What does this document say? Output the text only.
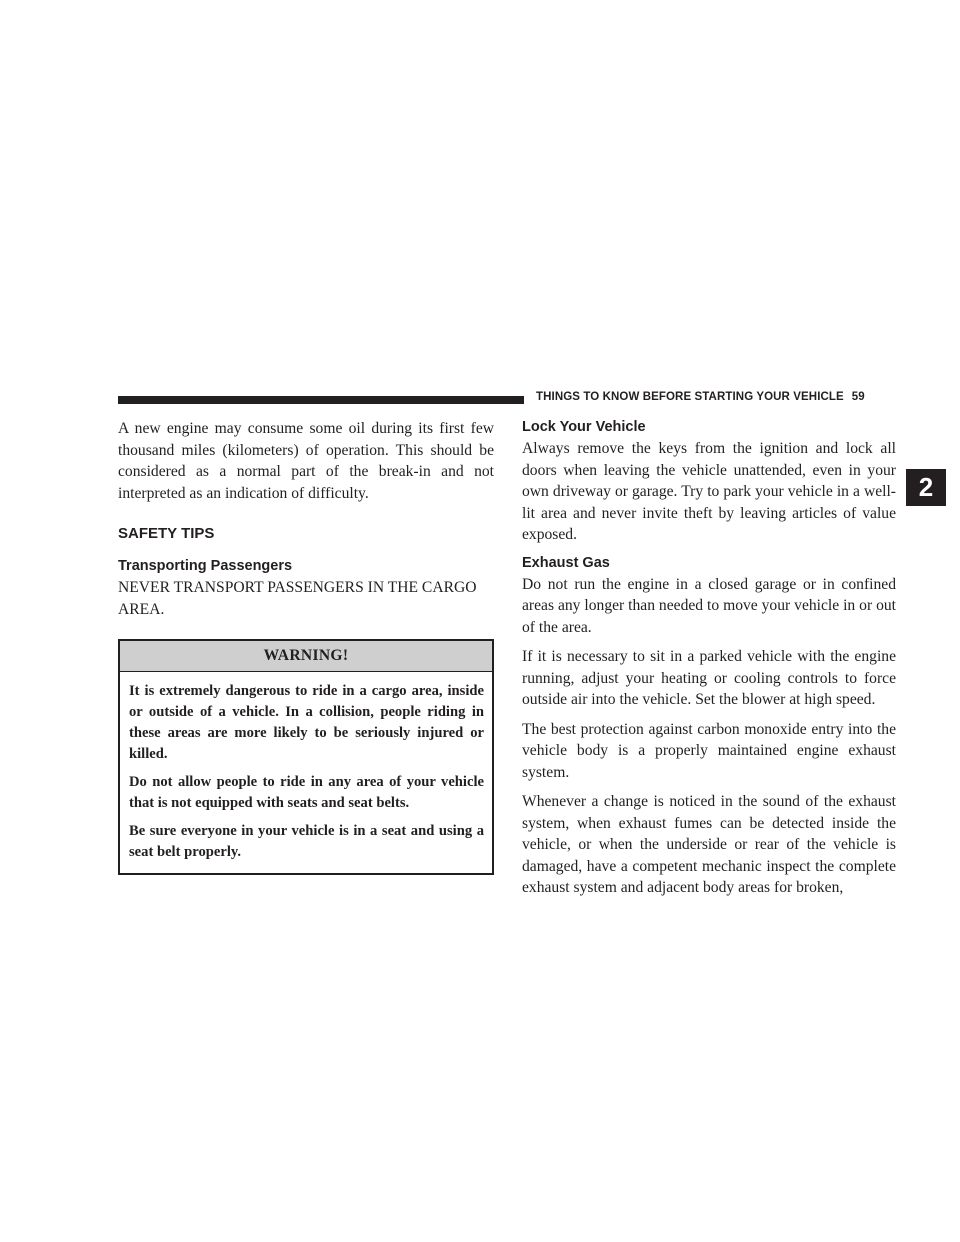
THINGS TO KNOW BEFORE STARTING YOUR VEHICLE 59
2

A new engine may consume some oil during its first few thousand miles (kilometers) of operation. This should be considered as a normal part of the break-in and not interpreted as an indication of difficulty.

SAFETY TIPS
Transporting Passengers

NEVER TRANSPORT PASSENGERS IN THE CARGO AREA.

WARNING!

It is extremely dangerous to ride in a cargo area, inside or outside of a vehicle. In a collision, people riding in these areas are more likely to be seriously injured or killed.

Do not allow people to ride in any area of your vehicle that is not equipped with seats and seat belts.

Be sure everyone in your vehicle is in a seat and using a seat belt properly.

Lock Your Vehicle

Always remove the keys from the ignition and lock all doors when leaving the vehicle unattended, even in your own driveway or garage. Try to park your vehicle in a well-lit area and never invite theft by leaving articles of value exposed.

Exhaust Gas

Do not run the engine in a closed garage or in confined areas any longer than needed to move your vehicle in or out of the area.

If it is necessary to sit in a parked vehicle with the engine running, adjust your heating or cooling controls to force outside air into the vehicle. Set the blower at high speed.

The best protection against carbon monoxide entry into the vehicle body is a properly maintained engine exhaust system.

Whenever a change is noticed in the sound of the exhaust system, when exhaust fumes can be detected inside the vehicle, or when the underside or rear of the vehicle is damaged, have a competent mechanic inspect the complete exhaust system and adjacent body areas for broken,
